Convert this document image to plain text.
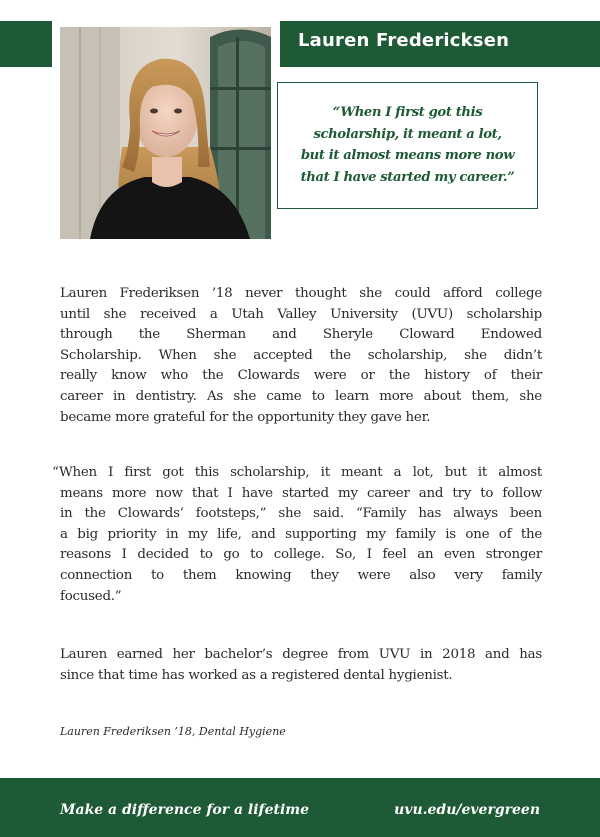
Lauren Fredericksen
“When I first got this
scholarship, it meant a lot,
but it almost means more now
that I have started my career.”
Lauren Frederiksen ’18 never thought she could afford college
until she received a Utah Valley University (UVU) scholarship
through the Sherman and Sheryle Cloward Endowed
Scholarship. When she accepted the scholarship, she didn’t
really know who the Clowards were or the history of their
career in dentistry. As she came to learn more about them, she
became more grateful for the opportunity they gave her.
“When I first got this scholarship, it meant a lot, but it almost
means more now that I have started my career and try to follow
in the Clowards’ footsteps,” she said. “Family has always been
a big priority in my life, and supporting my family is one of the
reasons I decided to go to college. So, I feel an even stronger
connection to them knowing they were also very family
focused.”
Lauren earned her bachelor’s degree from UVU in 2018 and has
since that time has worked as a registered dental hygienist.
Lauren Frederiksen ’18, Dental Hygiene
Make a difference for a lifetime	uvu.edu/evergreen
